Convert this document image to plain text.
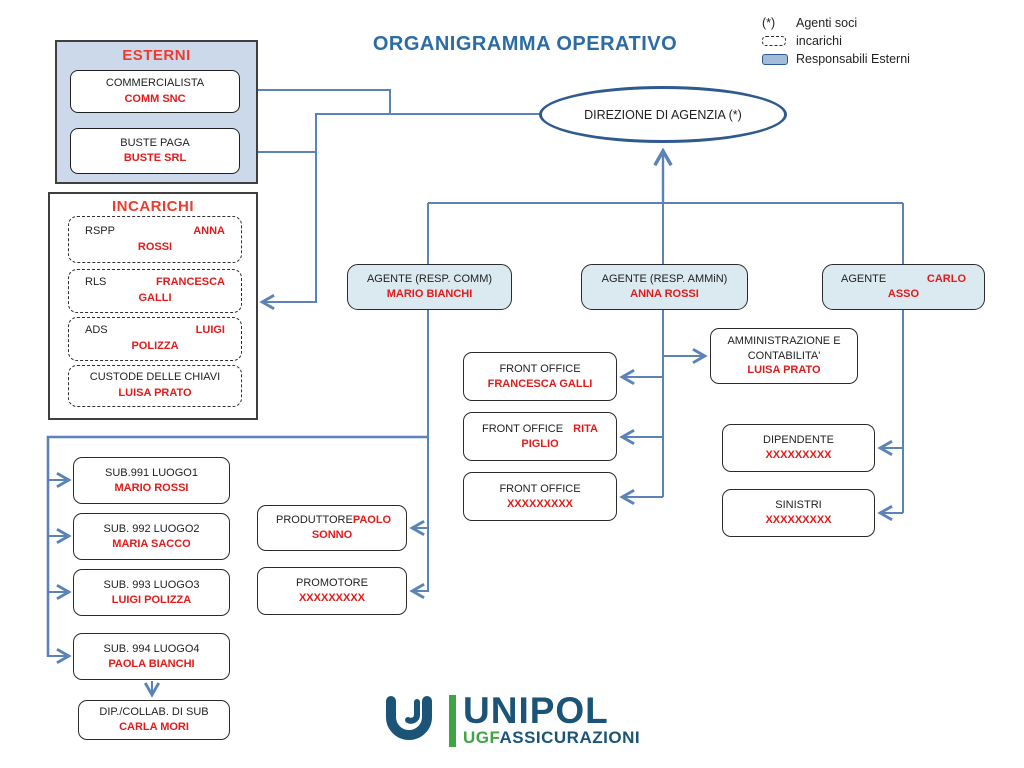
ORGANIGRAMMA OPERATIVO
(*) Agenti soci
incarichi
Responsabili Esterni
ESTERNI
COMMERCIALISTA
COMM SNC
BUSTE PAGA
BUSTE SRL
INCARICHI
RSPP	ANNA
ROSSI
RLS	FRANCESCA
GALLI
ADS	LUIGI
POLIZZA
CUSTODE DELLE CHIAVI
LUISA PRATO
DIREZIONE DI AGENZIA (*)
AGENTE (RESP. COMM)
MARIO BIANCHI
AGENTE (RESP. AMMiN)
ANNA ROSSI
AGENTE	CARLO
ASSO
AMMINISTRAZIONE E
CONTABILITA'
LUISA PRATO
FRONT OFFICE
FRANCESCA GALLI
FRONT OFFICE RITA
PIGLIO
FRONT OFFICE
XXXXXXXXX
DIPENDENTE
XXXXXXXXX
SINISTRI
XXXXXXXXX
SUB.991 LUOGO1
MARIO ROSSI
SUB. 992 LUOGO2
MARIA SACCO
SUB. 993 LUOGO3
LUIGI POLIZZA
SUB. 994 LUOGO4
PAOLA BIANCHI
DIP./COLLAB. DI SUB
CARLA MORI
PRODUTTORE PAOLO
SONNO
PROMOTORE
XXXXXXXXX
UNIPOL
UGFASSICURAZIONI
